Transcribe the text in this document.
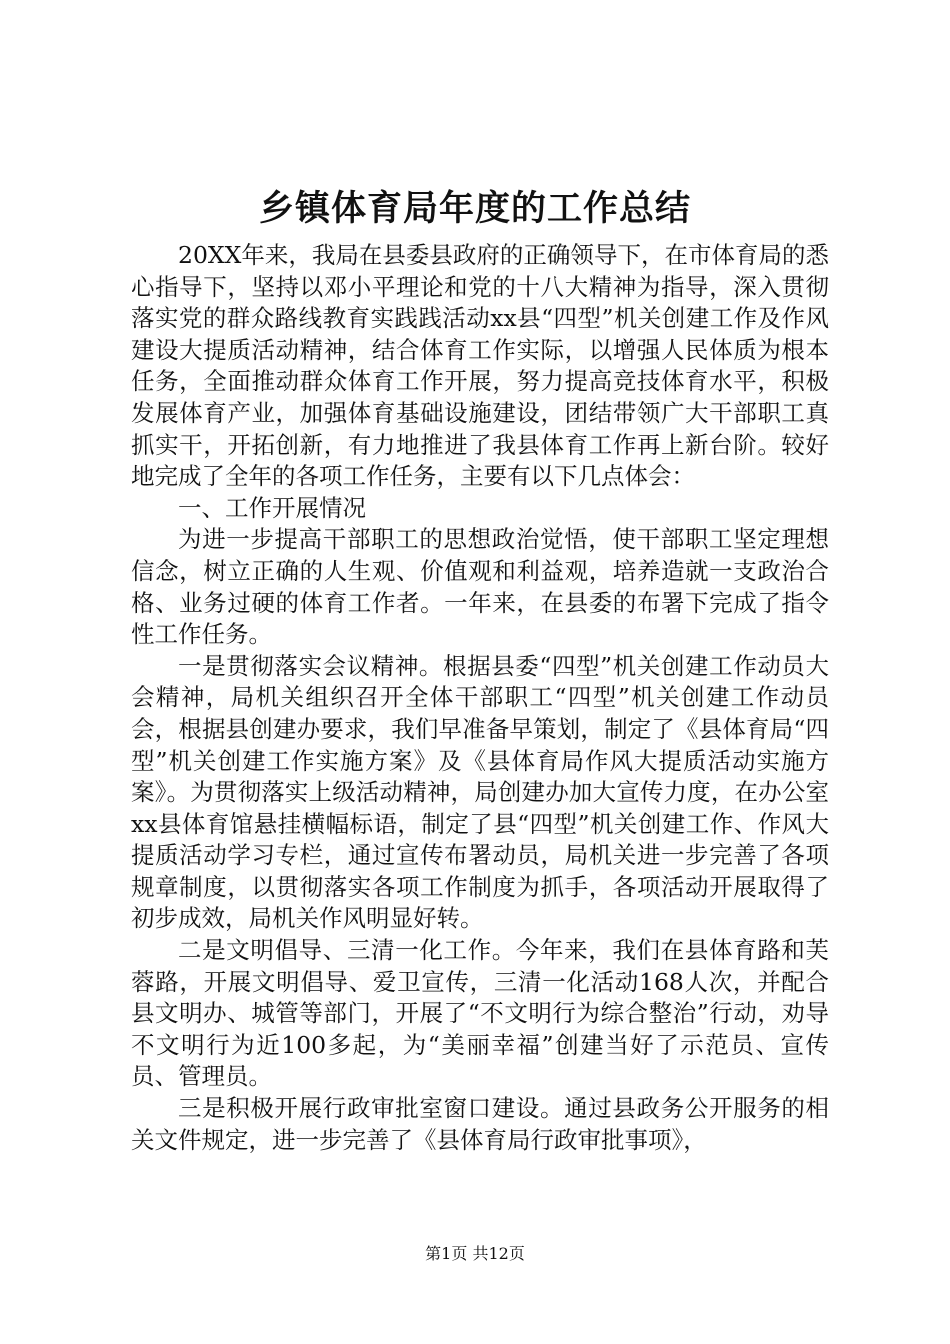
乡镇体育局年度的工作总结

20XX年来，我局在县委县政府的正确领导下，在市体育局的悉心指导下，坚持以邓小平理论和党的十八大精神为指导，深入贯彻落实党的群众路线教育实践践活动xx县“四型”机关创建工作及作风建设大提质活动精神，结合体育工作实际，以增强人民体质为根本任务，全面推动群众体育工作开展，努力提高竞技体育水平，积极发展体育产业，加强体育基础设施建设，团结带领广大干部职工真抓实干，开拓创新，有力地推进了我县体育工作再上新台阶。较好地完成了全年的各项工作任务，主要有以下几点体会：

一、工作开展情况

为进一步提高干部职工的思想政治觉悟，使干部职工坚定理想信念，树立正确的人生观、价值观和利益观，培养造就一支政治合格、业务过硬的体育工作者。一年来，在县委的布署下完成了指令性工作任务。

一是贯彻落实会议精神。根据县委“四型”机关创建工作动员大会精神，局机关组织召开全体干部职工“四型”机关创建工作动员会，根据县创建办要求，我们早准备早策划，制定了《县体育局“四型”机关创建工作实施方案》及《县体育局作风大提质活动实施方案》。为贯彻落实上级活动精神，局创建办加大宣传力度，在办公室xx县体育馆悬挂横幅标语，制定了县“四型”机关创建工作、作风大提质活动学习专栏，通过宣传布署动员，局机关进一步完善了各项规章制度，以贯彻落实各项工作制度为抓手，各项活动开展取得了初步成效，局机关作风明显好转。

二是文明倡导、三清一化工作。今年来，我们在县体育路和芙蓉路，开展文明倡导、爱卫宣传，三清一化活动168人次，并配合县文明办、城管等部门，开展了“不文明行为综合整治”行动，劝导不文明行为近100多起，为“美丽幸福”创建当好了示范员、宣传员、管理员。

三是积极开展行政审批室窗口建设。通过县政务公开服务的相关文件规定，进一步完善了《县体育局行政审批事项》，

第1页 共12页
